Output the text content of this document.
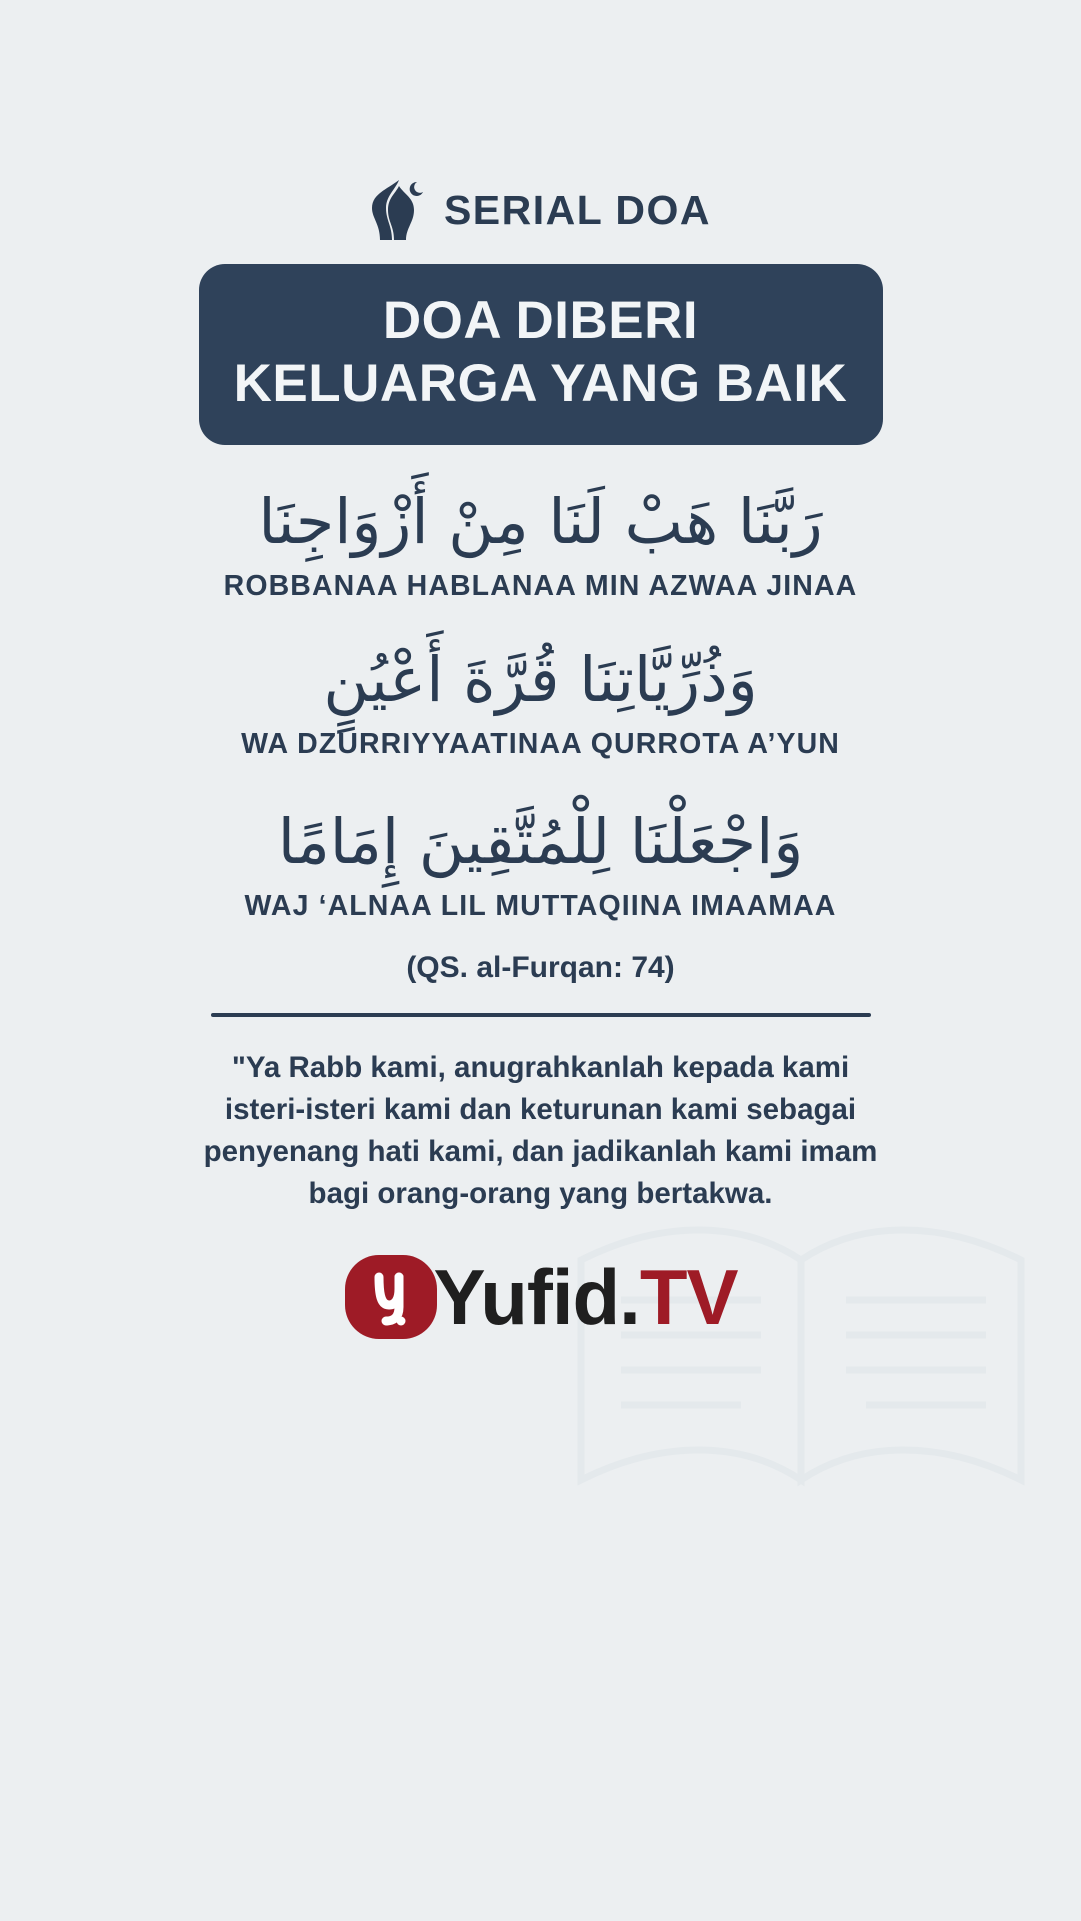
SERIAL DOA
DOA DIBERI
KELUARGA YANG BAIK
رَبَّنَا هَبْ لَنَا مِنْ أَزْوَاجِنَا
ROBBANAA HABLANAA MIN AZWAA JINAA
وَذُرِّيَّاتِنَا قُرَّةَ أَعْيُنٍ
WA DZURRIYYAATINAA QURROTA A’YUN
وَاجْعَلْنَا لِلْمُتَّقِينَ إِمَامًا
WAJ ‘ALNAA LIL MUTTAQIINA IMAAMAA
(QS. al-Furqan: 74)
"Ya Rabb kami, anugrahkanlah kepada kami isteri-isteri kami dan keturunan kami sebagai penyenang hati kami, dan jadikanlah kami imam bagi orang-orang yang bertakwa.
Yufid.TV
